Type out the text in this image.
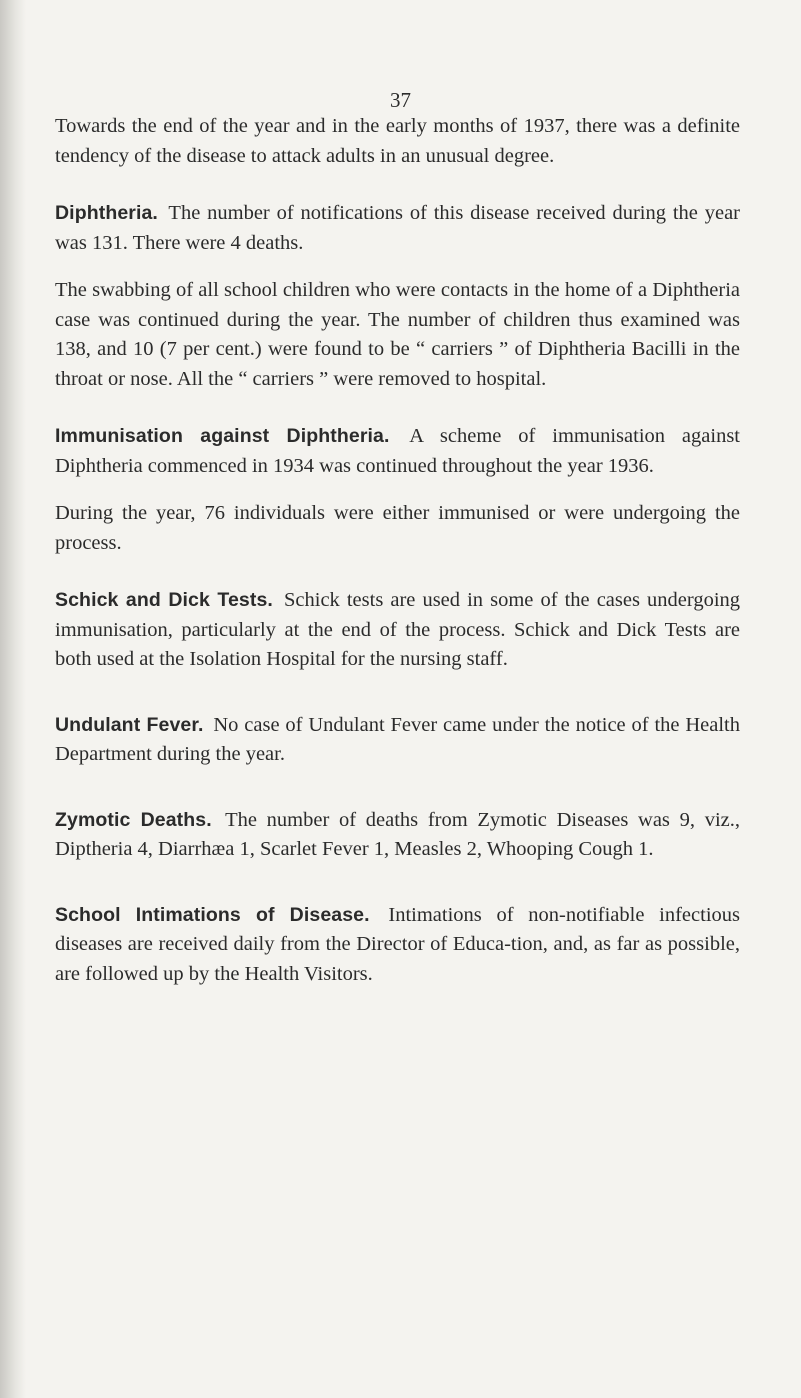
37

Towards the end of the year and in the early months of 1937, there was a definite tendency of the disease to attack adults in an unusual degree.

Diphtheria. The number of notifications of this disease received during the year was 131. There were 4 deaths.

The swabbing of all school children who were contacts in the home of a Diphtheria case was continued during the year. The number of children thus examined was 138, and 10 (7 per cent.) were found to be “ carriers ” of Diphtheria Bacilli in the throat or nose. All the “ carriers ” were removed to hospital.

Immunisation against Diphtheria. A scheme of immunisation against Diphtheria commenced in 1934 was continued throughout the year 1936.

During the year, 76 individuals were either immunised or were undergoing the process.

Schick and Dick Tests. Schick tests are used in some of the cases undergoing immunisation, particularly at the end of the process. Schick and Dick Tests are both used at the Isolation Hospital for the nursing staff.

Undulant Fever. No case of Undulant Fever came under the notice of the Health Department during the year.

Zymotic Deaths. The number of deaths from Zymotic Diseases was 9, viz., Diptheria 4, Diarrhæa 1, Scarlet Fever 1, Measles 2, Whooping Cough 1.

School Intimations of Disease. Intimations of non-notifiable infectious diseases are received daily from the Director of Educa-tion, and, as far as possible, are followed up by the Health Visitors.
